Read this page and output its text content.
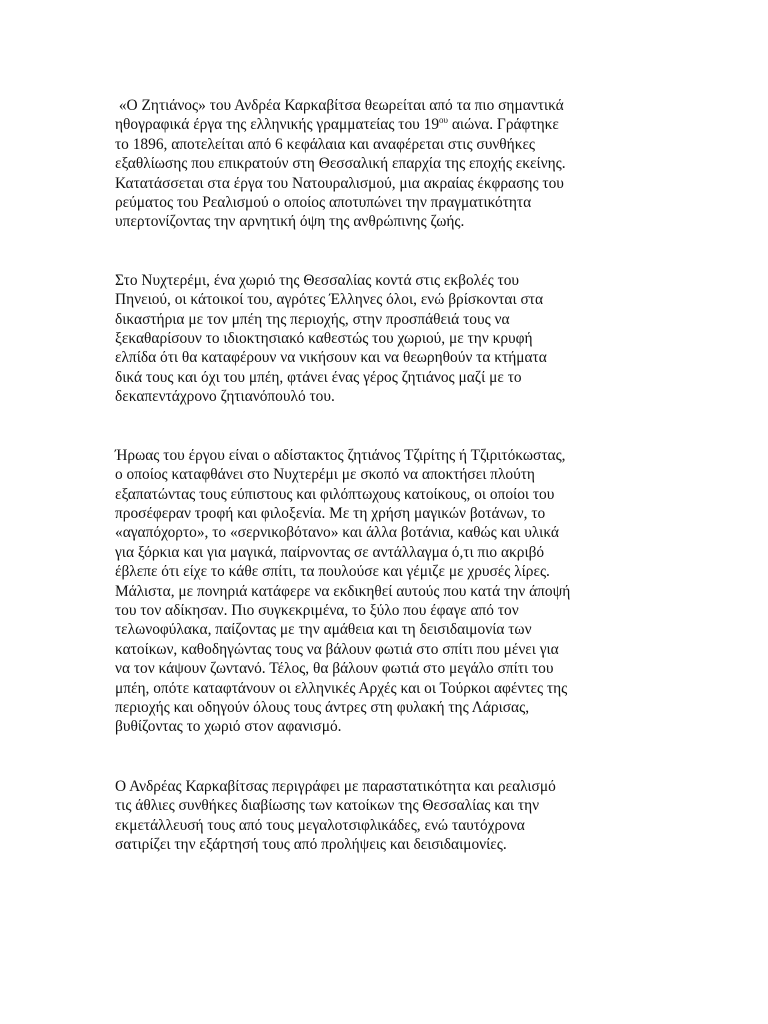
«Ο Ζητιάνος» του Ανδρέα Καρκαβίτσα θεωρείται από τα πιο σημαντικά
ηθογραφικά έργα της ελληνικής γραμματείας του $19^{o\upsilon}$ αιώνα. Γράφτηκε
το 1896, αποτελείται από 6 κεφάλαια και αναφέρεται στις συνθήκες
εξαθλίωσης που επικρατούν στη Θεσσαλική επαρχία της εποχής εκείνης.
Κατατάσσεται στα έργα του Νατουραλισμού, μια ακραίας έκφρασης του
ρεύματος του Ρεαλισμού ο οποίος αποτυπώνει την πραγματικότητα
υπερτονίζοντας την αρνητική όψη της ανθρώπινης ζωής.
Στο Νυχτερέμι, ένα χωριό της Θεσσαλίας κοντά στις εκβολές του
Πηνειού, οι κάτοικοί του, αγρότες Έλληνες όλοι, ενώ βρίσκονται στα
δικαστήρια με τον μπέη της περιοχής, στην προσπάθειά τους να
ξεκαθαρίσουν το ιδιοκτησιακό καθεστώς του χωριού, με την κρυφή
ελπίδα ότι θα καταφέρουν να νικήσουν και να θεωρηθούν τα κτήματα
δικά τους και όχι του μπέη, φτάνει ένας γέρος ζητιάνος μαζί με το
δεκαπεντάχρονο ζητιανόπουλό του.
Ήρωας του έργου είναι ο αδίστακτος ζητιάνος Τζιρίτης ή Τζιριτόκωστας,
ο οποίος καταφθάνει στο Νυχτερέμι με σκοπό να αποκτήσει πλούτη
εξαπατώντας τους εύπιστους και φιλόπτωχους κατοίκους, οι οποίοι του
προσέφεραν τροφή και φιλοξενία. Με τη χρήση μαγικών βοτάνων, το
«αγαπόχορτο», το «σερνικοβότανο» και άλλα βοτάνια, καθώς και υλικά
για ξόρκια και για μαγικά, παίρνοντας σε αντάλλαγμα ό,τι πιο ακριβό
έβλεπε ότι είχε το κάθε σπίτι, τα πουλούσε και γέμιζε με χρυσές λίρες.
Μάλιστα, με πονηριά κατάφερε να εκδικηθεί αυτούς που κατά την άποψή
του τον αδίκησαν. Πιο συγκεκριμένα, το ξύλο που έφαγε από τον
τελωνοφύλακα, παίζοντας με την αμάθεια και τη δεισιδαιμονία των
κατοίκων, καθοδηγώντας τους να βάλουν φωτιά στο σπίτι που μένει για
να τον κάψουν ζωντανό. Τέλος, θα βάλουν φωτιά στο μεγάλο σπίτι του
μπέη, οπότε καταφτάνουν οι ελληνικές Αρχές και οι Τούρκοι αφέντες της
περιοχής και οδηγούν όλους τους άντρες στη φυλακή της Λάρισας,
βυθίζοντας το χωριό στον αφανισμό.
Ο Ανδρέας Καρκαβίτσας περιγράφει με παραστατικότητα και ρεαλισμό
τις άθλιες συνθήκες διαβίωσης των κατοίκων της Θεσσαλίας και την
εκμετάλλευσή τους από τους μεγαλοτσιφλικάδες, ενώ ταυτόχρονα
σατιρίζει την εξάρτησή τους από προλήψεις και δεισιδαιμονίες.
